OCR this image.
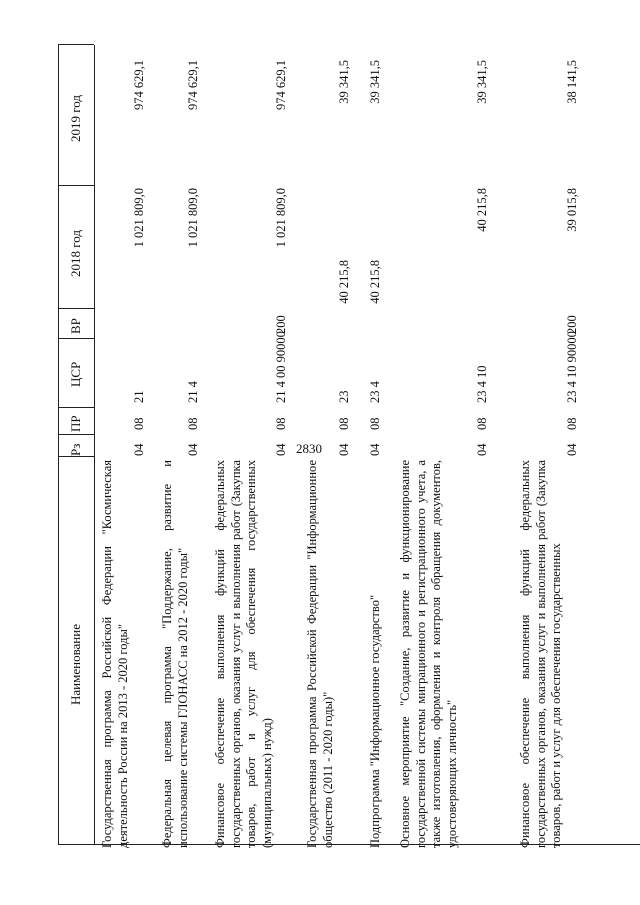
2830
Наименование
Рз
ПР
ЦСР
ВР
2018 год
2019 год
Государственная программа Российской Федерации "Космическая деятельность России на 2013 - 2020 годы"
04
08
21
1 021 809,0
974 629,1
Федеральная целевая программа "Поддержание, развитие и использование системы ГЛОНАСС на 2012 - 2020 годы"
04
08
21 4
1 021 809,0
974 629,1
Финансовое обеспечение выполнения функций федеральных государственных органов, оказания услуг и выполнения работ (Закупка товаров, работ и услуг для обеспечения государственных (муниципальных) нужд)
04
08
21 4 00 90000
200
1 021 809,0
974 629,1
Государственная программа Российской Федерации "Информационное общество (2011 - 2020 годы)"
04
08
23
40 215,8
39 341,5
Подпрограмма "Информационное государство"
04
08
23 4
40 215,8
39 341,5
Основное мероприятие "Создание, развитие и функционирование государственной системы миграционного и регистрационного учета, а также изготовления, оформления и контроля обращения документов, удостоверяющих личность"
04
08
23 4 10
40 215,8
39 341,5
Финансовое обеспечение выполнения функций федеральных государственных органов, оказания услуг и выполнения работ (Закупка товаров, работ и услуг для обеспечения государственных
04
08
23 4 10 90000
200
39 015,8
38 141,5
